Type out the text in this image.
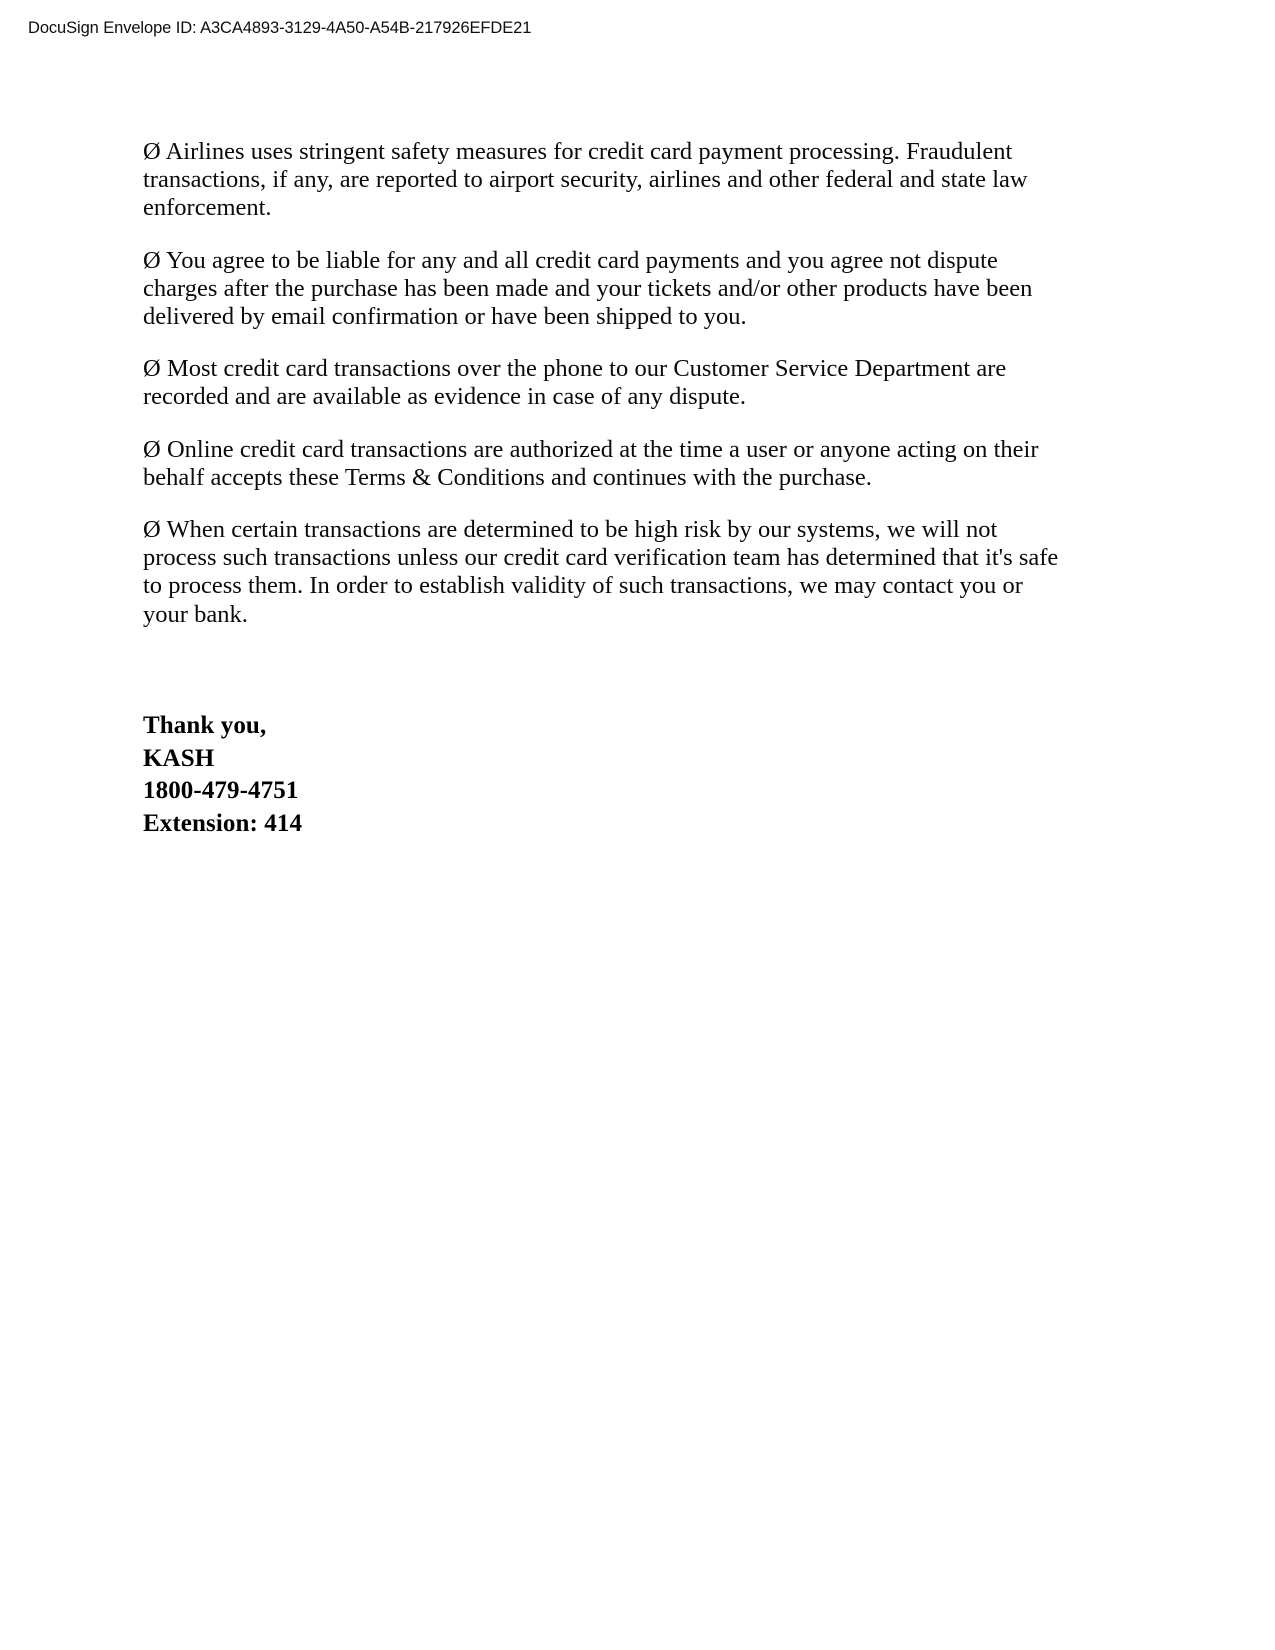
DocuSign Envelope ID: A3CA4893-3129-4A50-A54B-217926EFDE21

Ø Airlines uses stringent safety measures for credit card payment processing. Fraudulent transactions, if any, are reported to airport security, airlines and other federal and state law enforcement.

Ø You agree to be liable for any and all credit card payments and you agree not dispute charges after the purchase has been made and your tickets and/or other products have been delivered by email confirmation or have been shipped to you.

Ø Most credit card transactions over the phone to our Customer Service Department are recorded and are available as evidence in case of any dispute.

Ø Online credit card transactions are authorized at the time a user or anyone acting on their behalf accepts these Terms & Conditions and continues with the purchase.

Ø When certain transactions are determined to be high risk by our systems, we will not process such transactions unless our credit card verification team has determined that it's safe to process them. In order to establish validity of such transactions, we may contact you or your bank.

Thank you,
KASH
1800-479-4751
Extension: 414
